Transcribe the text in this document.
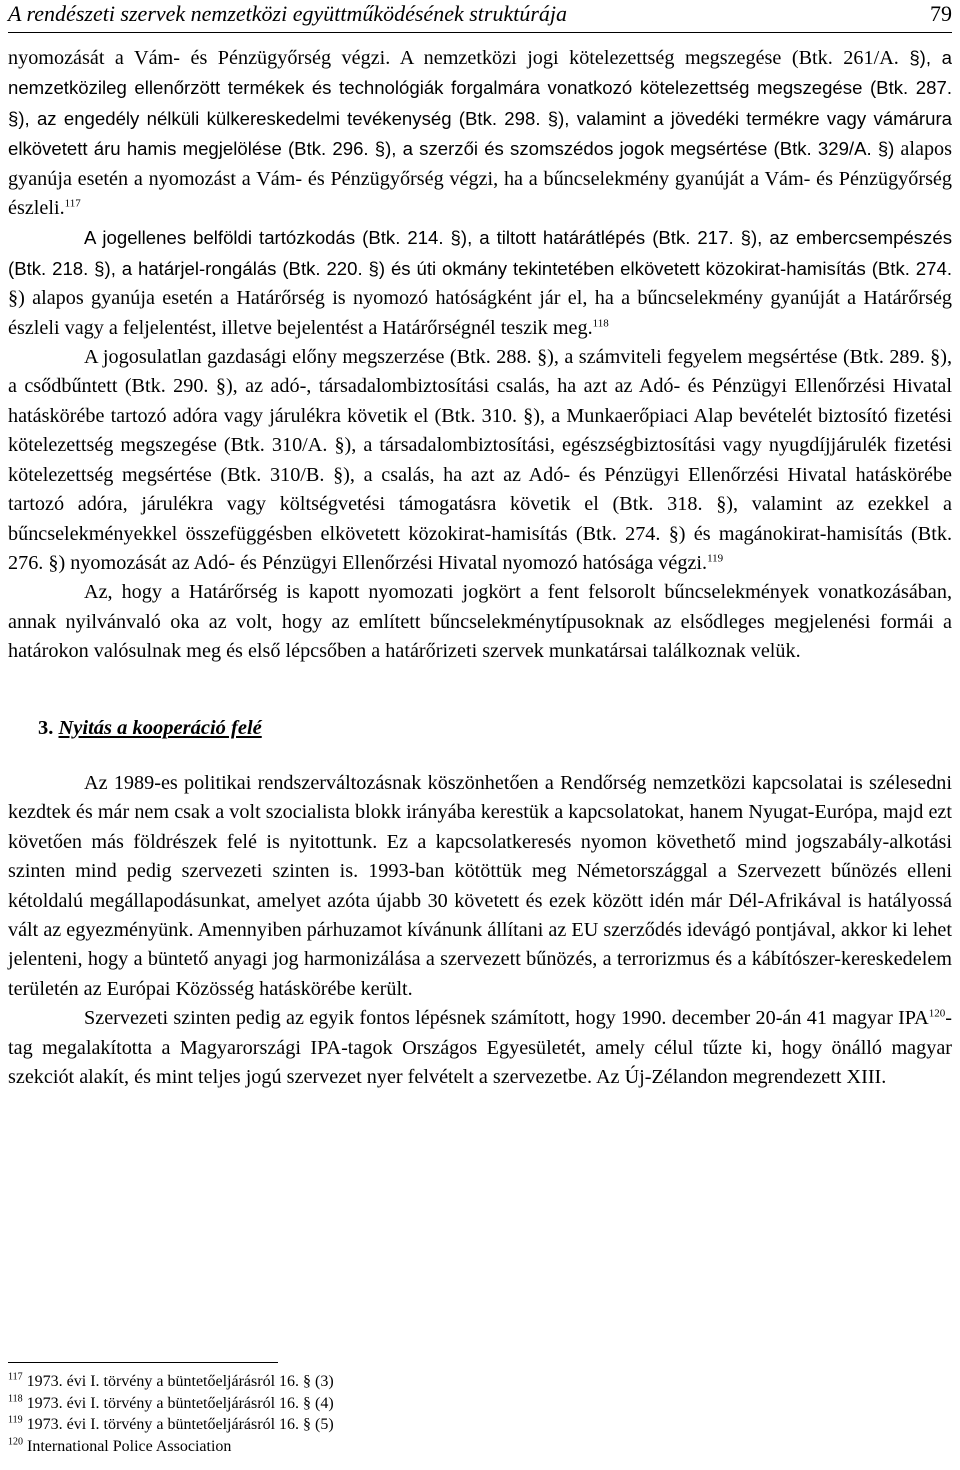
A rendészeti szervek nemzetközi együttműködésének struktúrája	79

nyomozását a Vám- és Pénzügyőrség végzi. A nemzetközi jogi kötelezettség megszegése (Btk. 261/A. §), a nemzetközileg ellenőrzött termékek és technológiák forgalmára vonatkozó kötelezettség megszegése (Btk. 287. §), az engedély nélküli külkereskedelmi tevékenység (Btk. 298. §), valamint a jövedéki termékre vagy vámárura elkövetett áru hamis megjelölése (Btk. 296. §), a szerzői és szomszédos jogok megsértése (Btk. 329/A. §) alapos gyanúja esetén a nyomozást a Vám- és Pénzügyőrség végzi, ha a bűncselekmény gyanúját a Vám- és Pénzügyőrség észleli.$^{117}$

A jogellenes belföldi tartózkodás (Btk. 214. §), a tiltott határátlépés (Btk. 217. §), az embercsempészés (Btk. 218. §), a határjel-rongálás (Btk. 220. §) és úti okmány tekintetében elkövetett közokirat-hamisítás (Btk. 274. §) alapos gyanúja esetén a Határőrség is nyomozó hatóságként jár el, ha a bűncselekmény gyanúját a Határőrség észleli vagy a feljelentést, illetve bejelentést a Határőrségnél teszik meg.$^{118}$

A jogosulatlan gazdasági előny megszerzése (Btk. 288. §), a számviteli fegyelem megsértése (Btk. 289. §), a csődbűntett (Btk. 290. §), az adó-, társadalombiztosítási csalás, ha azt az Adó- és Pénzügyi Ellenőrzési Hivatal hatáskörébe tartozó adóra vagy járulékra követik el (Btk. 310. §), a Munkaerőpiaci Alap bevételét biztosító fizetési kötelezettség megszegése (Btk. 310/A. §), a társadalombiztosítási, egészségbiztosítási vagy nyugdíjjárulék fizetési kötelezettség megsértése (Btk. 310/B. §), a csalás, ha azt az Adó- és Pénzügyi Ellenőrzési Hivatal hatáskörébe tartozó adóra, járulékra vagy költségvetési támogatásra követik el (Btk. 318. §), valamint az ezekkel a bűncselekményekkel összefüggésben elkövetett közokirat-hamisítás (Btk. 274. §) és magánokirat-hamisítás (Btk. 276. §) nyomozását az Adó- és Pénzügyi Ellenőrzési Hivatal nyomozó hatósága végzi.$^{119}$

Az, hogy a Határőrség is kapott nyomozati jogkört a fent felsorolt bűncselekmények vonatkozásában, annak nyilvánvaló oka az volt, hogy az említett bűncselekménytípusoknak az elsődleges megjelenési formái a határokon valósulnak meg és első lépcsőben a határőrizeti szervek munkatársai találkoznak velük.

3. Nyitás a kooperáció felé

Az 1989-es politikai rendszerváltozásnak köszönhetően a Rendőrség nemzetközi kapcsolatai is szélesedni kezdtek és már nem csak a volt szocialista blokk irányába kerestük a kapcsolatokat, hanem Nyugat-Európa, majd ezt követően más földrészek felé is nyitottunk. Ez a kapcsolatkeresés nyomon követhető mind jogszabály-alkotási szinten mind pedig szervezeti szinten is. 1993-ban kötöttük meg Németországgal a Szervezett bűnözés elleni kétoldalú megállapodásunkat, amelyet azóta újabb 30 követett és ezek között idén már Dél-Afrikával is hatályossá vált az egyezményünk. Amennyiben párhuzamot kívánunk állítani az EU szerződés idevágó pontjával, akkor ki lehet jelenteni, hogy a büntető anyagi jog harmonizálása a szervezett bűnözés, a terrorizmus és a kábítószer-kereskedelem területén az Európai Közösség hatáskörébe került.

Szervezeti szinten pedig az egyik fontos lépésnek számított, hogy 1990. december 20-án 41 magyar IPA$^{120}$-tag megalakította a Magyarországi IPA-tagok Országos Egyesületét, amely célul tűzte ki, hogy önálló magyar szekciót alakít, és mint teljes jogú szervezet nyer felvételt a szervezetbe. Az Új-Zélandon megrendezett XIII.

$^{117}$ 1973. évi I. törvény a büntetőeljárásról 16. § (3)
$^{118}$ 1973. évi I. törvény a büntetőeljárásról 16. § (4)
$^{119}$ 1973. évi I. törvény a büntetőeljárásról 16. § (5)
$^{120}$ International Police Association
